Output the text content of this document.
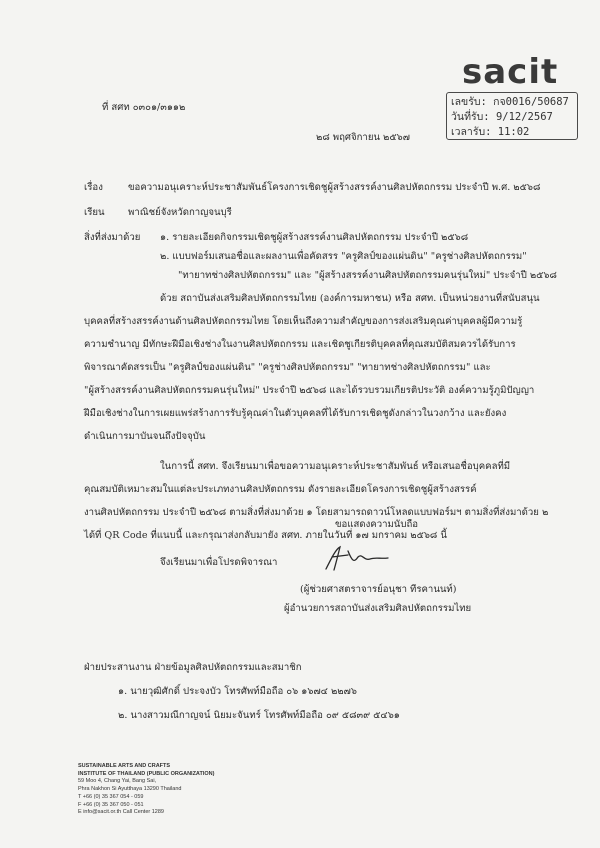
sacit
ที่ สศท ๐๓๐๑/๓๑๑๒	เลขรับ: กจ0016/50687
วันที่รับ: 9/12/2567
เวลารับ: 11:02
๒๘ พฤศจิกายน ๒๕๖๗
เรื่อง	ขอความอนุเคราะห์ประชาสัมพันธ์โครงการเชิดชูผู้สร้างสรรค์งานศิลปหัตถกรรม ประจำปี พ.ศ. ๒๕๖๘
เรียน พาณิชย์จังหวัดกาญจนบุรี
สิ่งที่ส่งมาด้วย ๑. รายละเอียดกิจกรรมเชิดชูผู้สร้างสรรค์งานศิลปหัตถกรรม ประจำปี ๒๕๖๘
๒. แบบฟอร์มเสนอชื่อและผลงานเพื่อคัดสรร "ครูศิลป์ของแผ่นดิน" "ครูช่างศิลปหัตถกรรม"
"ทายาทช่างศิลปหัตถกรรม" และ "ผู้สร้างสรรค์งานศิลปหัตถกรรมคนรุ่นใหม่" ประจำปี ๒๕๖๘
ด้วย สถาบันส่งเสริมศิลปหัตถกรรมไทย (องค์การมหาชน) หรือ สศท. เป็นหน่วยงานที่สนับสนุน
บุคคลที่สร้างสรรค์งานด้านศิลปหัตถกรรมไทย โดยเห็นถึงความสำคัญของการส่งเสริมคุณค่าบุคคลผู้มีความรู้
ความชำนาญ มีทักษะฝีมือเชิงช่างในงานศิลปหัตถกรรม และเชิดชูเกียรติบุคคลที่คุณสมบัติสมควรได้รับการ
พิจารณาคัดสรรเป็น "ครูศิลป์ของแผ่นดิน" "ครูช่างศิลปหัตถกรรม" "ทายาทช่างศิลปหัตถกรรม" และ
"ผู้สร้างสรรค์งานศิลปหัตถกรรมคนรุ่นใหม่" ประจำปี ๒๕๖๘ และได้รวบรวมเกียรติประวัติ องค์ความรู้ภูมิปัญญา
ฝีมือเชิงช่างในการเผยแพร่สร้างการรับรู้คุณค่าในตัวบุคคลที่ได้รับการเชิดชูดังกล่าวในวงกว้าง และยังคง
ดำเนินการมาบันจนถึงปัจจุบัน
ในการนี้ สศท. จึงเรียนมาเพื่อขอความอนุเคราะห์ประชาสัมพันธ์ หรือเสนอชื่อบุคคลที่มี
คุณสมบัติเหมาะสมในแต่ละประเภทงานศิลปหัตถกรรม ดังรายละเอียดโครงการเชิดชูผู้สร้างสรรค์
งานศิลปหัตถกรรม ประจำปี ๒๕๖๘ ตามสิ่งที่ส่งมาด้วย ๑ โดยสามารถดาวน์โหลดแบบฟอร์มฯ ตามสิ่งที่ส่งมาด้วย ๒
ได้ที่ QR Code ที่แนบนี้ และกรุณาส่งกลับมายัง สศท. ภายในวันที่ ๑๗ มกราคม ๒๕๖๘ นี้
จึงเรียนมาเพื่อโปรดพิจารณา
ขอแสดงความนับถือ
(ผู้ช่วยศาสตราจารย์อนุชา ทีรคานนท์)
ผู้อำนวยการสถาบันส่งเสริมศิลปหัตถกรรมไทย
ฝ่ายประสานงาน ฝ่ายข้อมูลศิลปหัตถกรรมและสมาชิก
๑. นายวุฒิศักดิ์ ประจงบัว โทรศัพท์มือถือ ๐๖ ๑๖๗๔ ๒๒๗๖
๒. นางสาวมณีกาญจน์ นิยมะจันทร์ โทรศัพท์มือถือ ๐๙ ๕๘๓๙ ๕๔๖๑
SUSTAINABLE ARTS AND CRAFTS
INSTITUTE OF THAILAND (PUBLIC ORGANIZATION)
59 Moo 4, Chang Yai, Bang Sai,
Phra Nakhon Si Ayutthaya 13290 Thailand
T +66 (0) 35 367 054 - 059
F +66 (0) 35 367 050 - 051
E info@sacit.or.th Call Center 1289
